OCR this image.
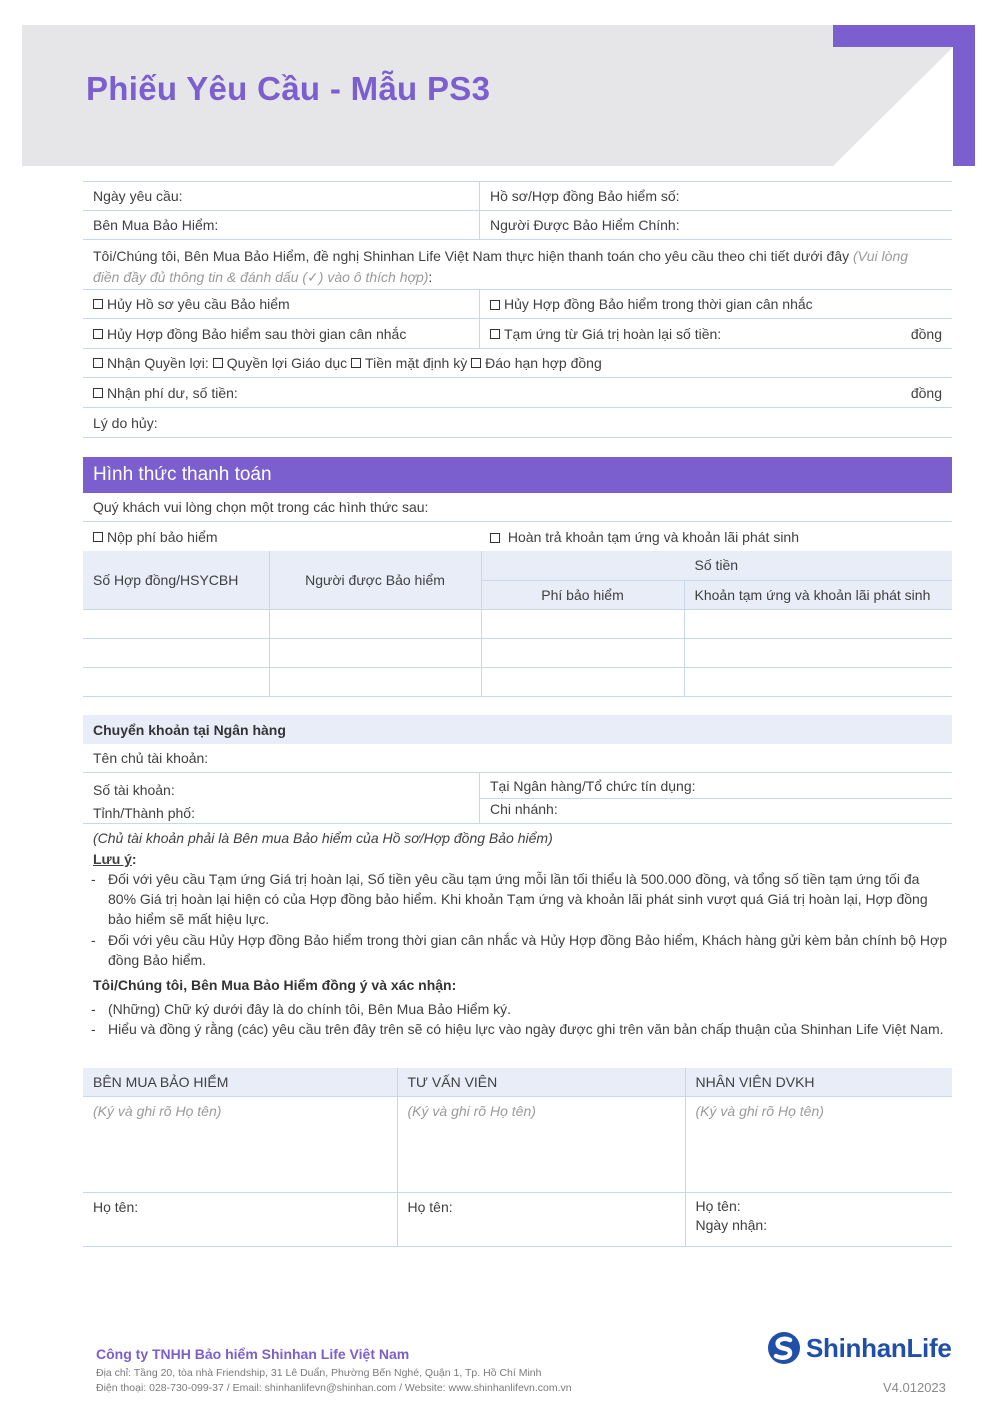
Phiếu Yêu Cầu - Mẫu PS3
Ngày yêu cầu:	Hồ sơ/Hợp đồng Bảo hiểm số:
Bên Mua Bảo Hiểm:	Người Được Bảo Hiểm Chính:
Tôi/Chúng tôi, Bên Mua Bảo Hiểm, đề nghị Shinhan Life Việt Nam thực hiện thanh toán cho yêu cầu theo chi tiết dưới đây (Vui lòng điền đầy đủ thông tin & đánh dấu (✓) vào ô thích hợp):
Hủy Hồ sơ yêu cầu Bảo hiểm	Hủy Hợp đồng Bảo hiểm trong thời gian cân nhắc
Hủy Hợp đồng Bảo hiểm sau thời gian cân nhắc	Tạm ứng từ Giá trị hoàn lại số tiền:	đồng
Nhận Quyền lợi:
Quyền lợi Giáo dục
Tiền mặt định kỳ
Đáo hạn hợp đồng
Nhận phí dư, số tiền:	đồng
Lý do hủy:
Hình thức thanh toán
Quý khách vui lòng chọn một trong các hình thức sau:
Nộp phí bảo hiểm	Hoàn trả khoản tạm ứng và khoản lãi phát sinh
Số Hợp đồng/HSYCBH	Người được Bảo hiểm	Số tiền	
		Phí bảo hiểm	Khoản tạm ứng và khoản lãi phát sinh

Chuyển khoản tại Ngân hàng
Tên chủ tài khoản:
Số tài khoản:	Tại Ngân hàng/Tổ chức tín dụng:
Tỉnh/Thành phố:	Chi nhánh:
(Chủ tài khoản phải là Bên mua Bảo hiểm của Hồ sơ/Hợp đồng Bảo hiểm)
Lưu ý:
- Đối với yêu cầu Tạm ứng Giá trị hoàn lại, Số tiền yêu cầu tạm ứng mỗi lần tối thiểu là 500.000 đồng, và tổng số tiền tạm ứng tối đa 80% Giá trị hoàn lại hiện có của Hợp đồng bảo hiểm. Khi khoản Tạm ứng và khoản lãi phát sinh vượt quá Giá trị hoàn lại, Hợp đồng bảo hiểm sẽ mất hiệu lực.
- Đối với yêu cầu Hủy Hợp đồng Bảo hiểm trong thời gian cân nhắc và Hủy Hợp đồng Bảo hiểm, Khách hàng gửi kèm bản chính bộ Hợp đồng Bảo hiểm.
Tôi/Chúng tôi, Bên Mua Bảo Hiểm đồng ý và xác nhận:
- (Những) Chữ ký dưới đây là do chính tôi, Bên Mua Bảo Hiểm ký.
- Hiểu và đồng ý rằng (các) yêu cầu trên đây trên sẽ có hiệu lực vào ngày được ghi trên văn bản chấp thuận của Shinhan Life Việt Nam.
BÊN MUA BẢO HIỂM	TƯ VẤN VIÊN	NHÂN VIÊN DVKH
(Ký và ghi rõ Họ tên)	(Ký và ghi rõ Họ tên)	(Ký và ghi rõ Họ tên)
Họ tên:	Họ tên:	Họ tên:
Ngày nhận:
Công ty TNHH Bảo hiểm Shinhan Life Việt Nam
Địa chỉ: Tầng 20, tòa nhà Friendship, 31 Lê Duẩn, Phường Bến Nghé, Quận 1, Tp. Hồ Chí Minh
Điện thoại: 028-730-099-37 / Email: shinhanlifevn@shinhan.com / Website: www.shinhanlifevn.com.vn
ShinhanLife
V4.012023
